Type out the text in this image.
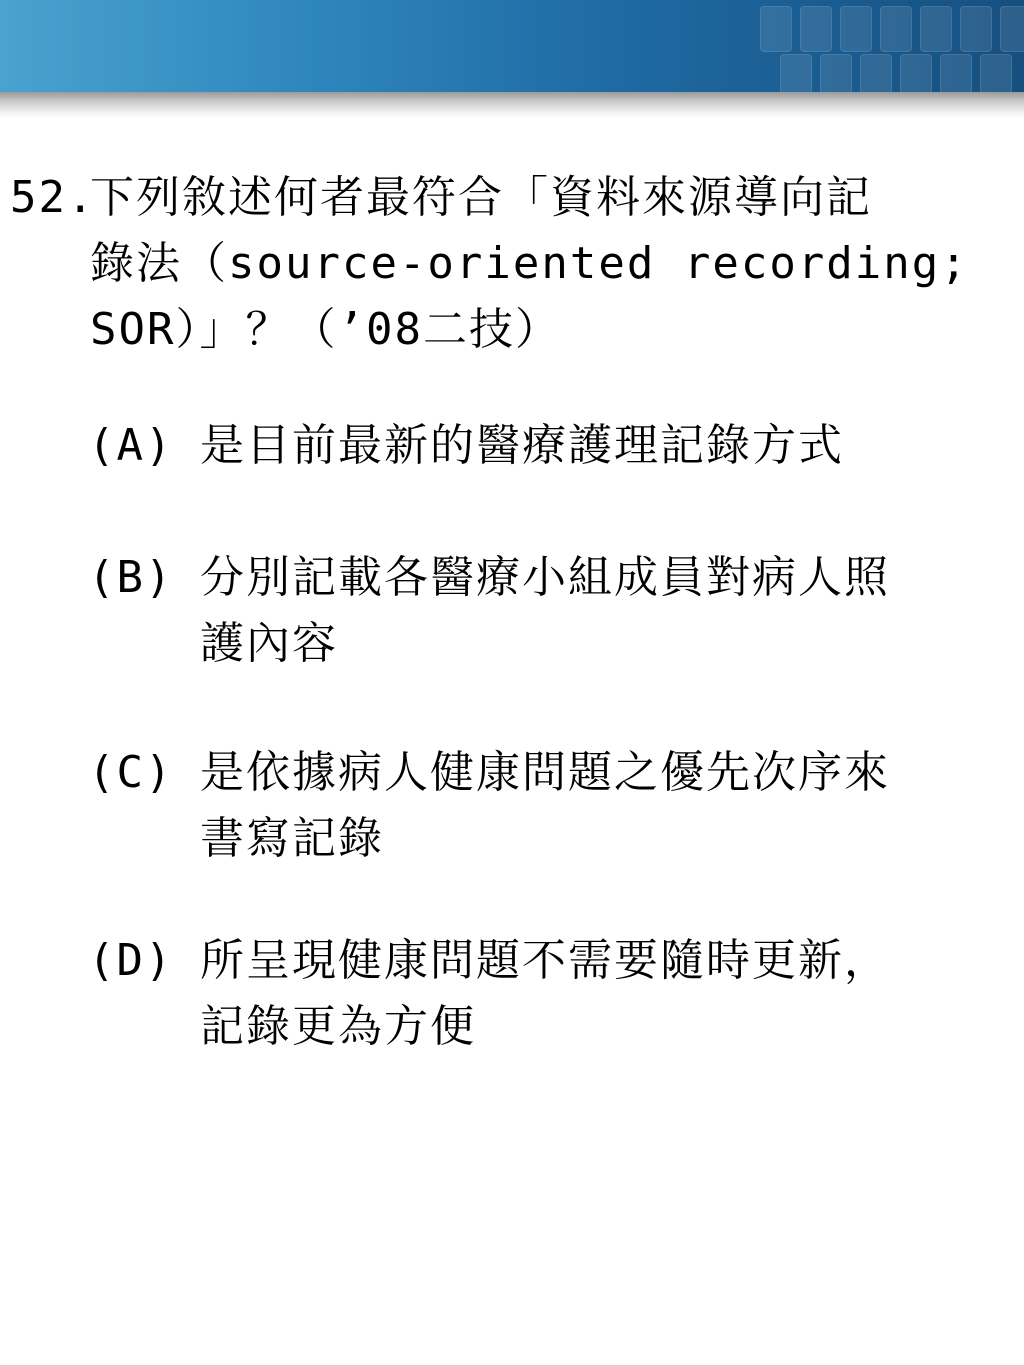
52.
下列敘述何者最符合「資料來源導向記
錄法（source-oriented recording;
SOR）」？（’08二技）
(A) 是目前最新的醫療護理記錄方式
(B) 分別記載各醫療小組成員對病人照
護內容
(C) 是依據病人健康問題之優先次序來
書寫記錄
(D) 所呈現健康問題不需要隨時更新，
記錄更為方便
